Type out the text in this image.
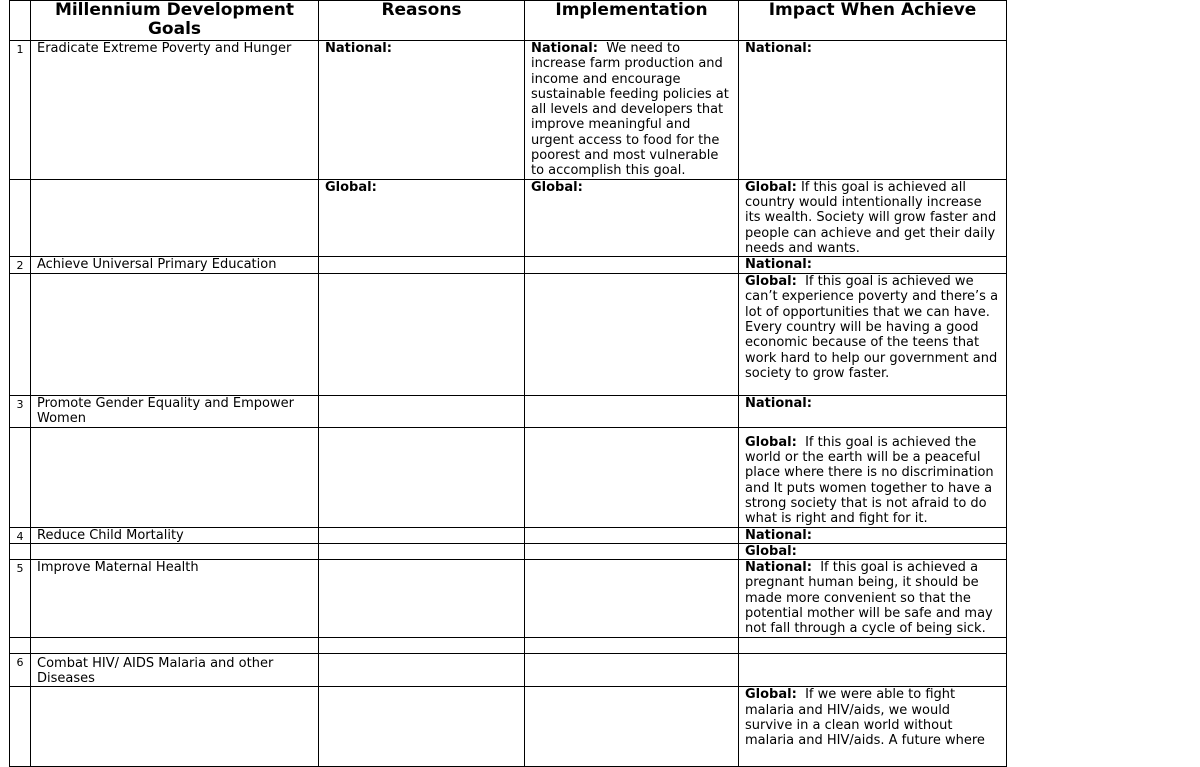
	Millennium Development Goals	Reasons	Implementation	Impact When Achieve
1	Eradicate Extreme Poverty and Hunger	National:	National: We need to increase farm production and income and encourage sustainable feeding policies at all levels and developers that improve meaningful and urgent access to food for the poorest and most vulnerable to accomplish this goal.	National:
		Global:	Global:	Global: If this goal is achieved all country would intentionally increase its wealth. Society will grow faster and people can achieve and get their daily needs and wants.
2	Achieve Universal Primary Education			National:
				Global: If this goal is achieved we can’t experience poverty and there’s a lot of opportunities that we can have. Every country will be having a good economic because of the teens that work hard to help our government and society to grow faster.
3	Promote Gender Equality and Empower Women			National:
				Global: If this goal is achieved the world or the earth will be a peaceful place where there is no discrimination and It puts women together to have a strong society that is not afraid to do what is right and fight for it.
4	Reduce Child Mortality			National:
				Global:
5	Improve Maternal Health			National: If this goal is achieved a pregnant human being, it should be made more convenient so that the potential mother will be safe and may not fall through a cycle of being sick.

6	Combat HIV/ AIDS Malaria and other Diseases			
				Global: If we were able to fight malaria and HIV/aids, we would survive in a clean world without malaria and HIV/aids. A future where
